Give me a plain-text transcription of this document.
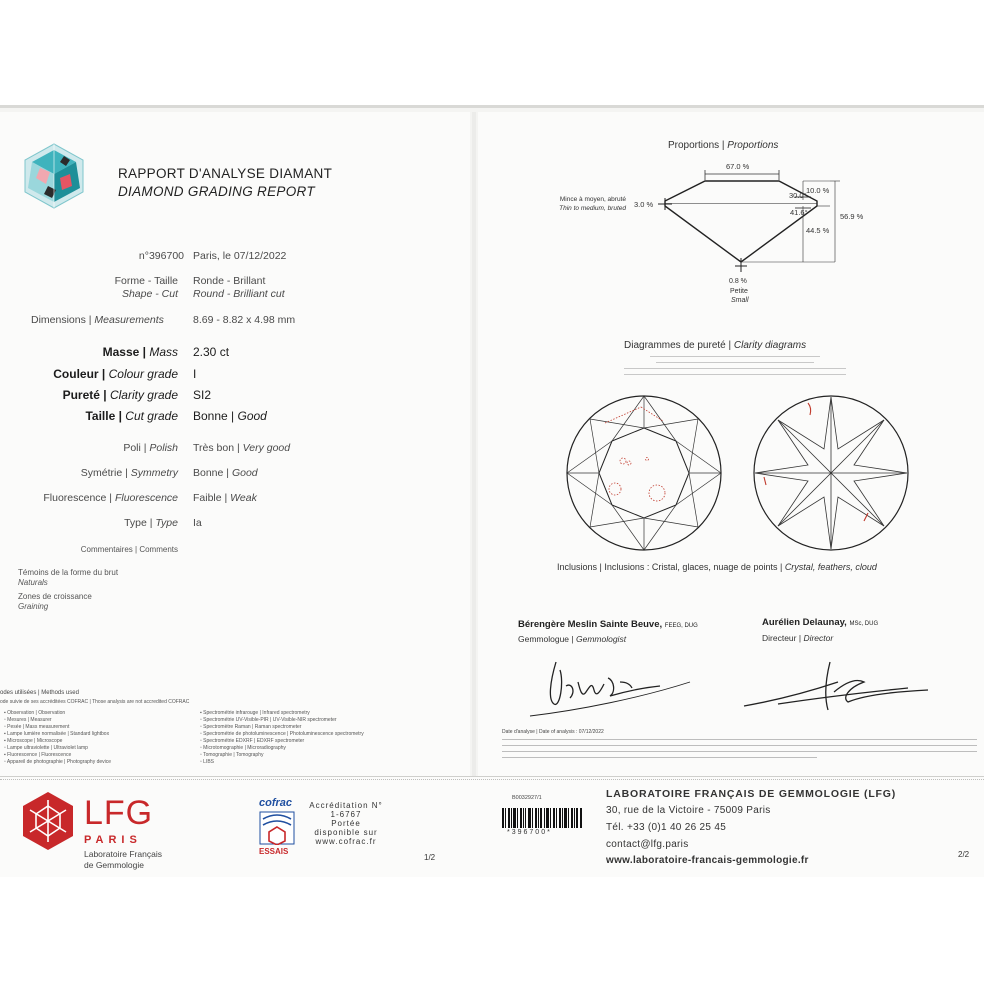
RAPPORT D'ANALYSE DIAMANT
DIAMOND GRADING REPORT
n°396700 Paris, le 07/12/2022
Forme - Taille
Shape - Cut
Ronde - Brillant
Round - Brilliant cut
Dimensions | Measurements	8.69 - 8.82 x 4.98 mm
Masse | Mass 2.30 ct
Couleur | Colour grade I
Pureté | Clarity grade SI2
Taille | Cut grade Bonne | Good
Poli | Polish Très bon | Very good
Symétrie | Symmetry Bonne | Good
Fluorescence | Fluorescence Faible | Weak
Type | Type Ia
Commentaires | Comments
Témoins de la forme du brut
Naturals
Zones de croissance
Graining
odes utilisées | Methods used
ode suivie de ses accréditées COFRAC | Those analysis are not accredited COFRAC
▪ Observation | Observation
▫ Mesures | Measurer
▫ Pesée | Mass measurement
▪ Lampe lumière normalisée | Standard lightbox
▪ Microscope | Microscope
▫ Lampe ultraviolette | Ultraviolet lamp
▪ Fluorescence | Fluorescence
▫ Appareil de photographie | Photography device
▪ Spectrométrie infrarouge | Infrared spectrometry
▫ Spectrométrie UV-Visible-PIR | UV-Visible-NIR spectrometer
▫ Spectromètre Raman | Raman spectrometer
▫ Spectrométrie de photoluminescence | Photoluminescence spectrometry
▫ Spectrométrie EDXRF | EDXRF spectrometer
▫ Microtomographie | Microradiography
▫ Tomographie | Tomography
▫ LIBS
Proportions | Proportions
67.0 %
30.0°
10.0 %
41.6°
44.5 %
56.9 %
3.0 %
Mince à moyen, abruté
Thin to medium, bruted
0.8 %
Petite
Small
Diagrammes de pureté | Clarity diagrams
Inclusions | Inclusions : Cristal, glaces, nuage de points | Crystal, feathers, cloud
Bérengère Meslin Sainte Beuve, FEEG, DUG
Gemmologue | Gemmologist
Aurélien Delaunay, MSc, DUG
Directeur | Director
Date d'analyse | Date of analysis : 07/12/2022
LFG
PARIS
Laboratoire Français
de Gemmologie
cofrac
ESSAIS
Accréditation N°
1-6767
Portée
disponible sur
www.cofrac.fr
1/2
B0032927/1
*396700*
LABORATOIRE FRANÇAIS DE GEMMOLOGIE (LFG)
30, rue de la Victoire - 75009 Paris
Tél. +33 (0)1 40 26 25 45
contact@lfg.paris
www.laboratoire-francais-gemmologie.fr
2/2
